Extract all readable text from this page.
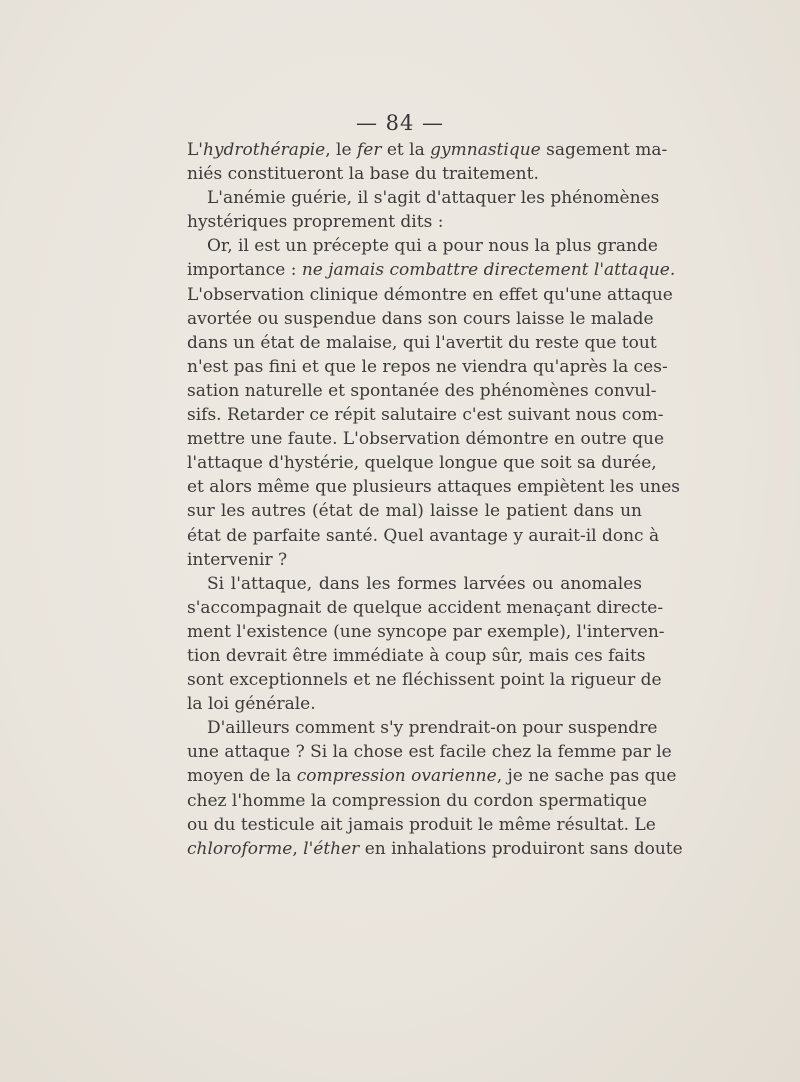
— 84 —
L'hydrothérapie, le fer et la gymnastique sagement ma-
niés constitueront la base du traitement.
L'anémie guérie, il s'agit d'attaquer les phénomènes
hystériques proprement dits :
Or, il est un précepte qui a pour nous la plus grande
importance : ne jamais combattre directement l'attaque.
L'observation clinique démontre en effet qu'une attaque
avortée ou suspendue dans son cours laisse le malade
dans un état de malaise, qui l'avertit du reste que tout
n'est pas fini et que le repos ne viendra qu'après la ces-
sation naturelle et spontanée des phénomènes convul-
sifs. Retarder ce répit salutaire c'est suivant nous com-
mettre une faute. L'observation démontre en outre que
l'attaque d'hystérie, quelque longue que soit sa durée,
et alors même que plusieurs attaques empiètent les unes
sur les autres (état de mal) laisse le patient dans un
état de parfaite santé. Quel avantage y aurait-il donc à
intervenir ?
Si l'attaque, dans les formes larvées ou anomales
s'accompagnait de quelque accident menaçant directe-
ment l'existence (une syncope par exemple), l'interven-
tion devrait être immédiate à coup sûr, mais ces faits
sont exceptionnels et ne fléchissent point la rigueur de
la loi générale.
D'ailleurs comment s'y prendrait-on pour suspendre
une attaque ? Si la chose est facile chez la femme par le
moyen de la compression ovarienne, je ne sache pas que
chez l'homme la compression du cordon spermatique
ou du testicule ait jamais produit le même résultat. Le
chloroforme, l'éther en inhalations produiront sans doute
